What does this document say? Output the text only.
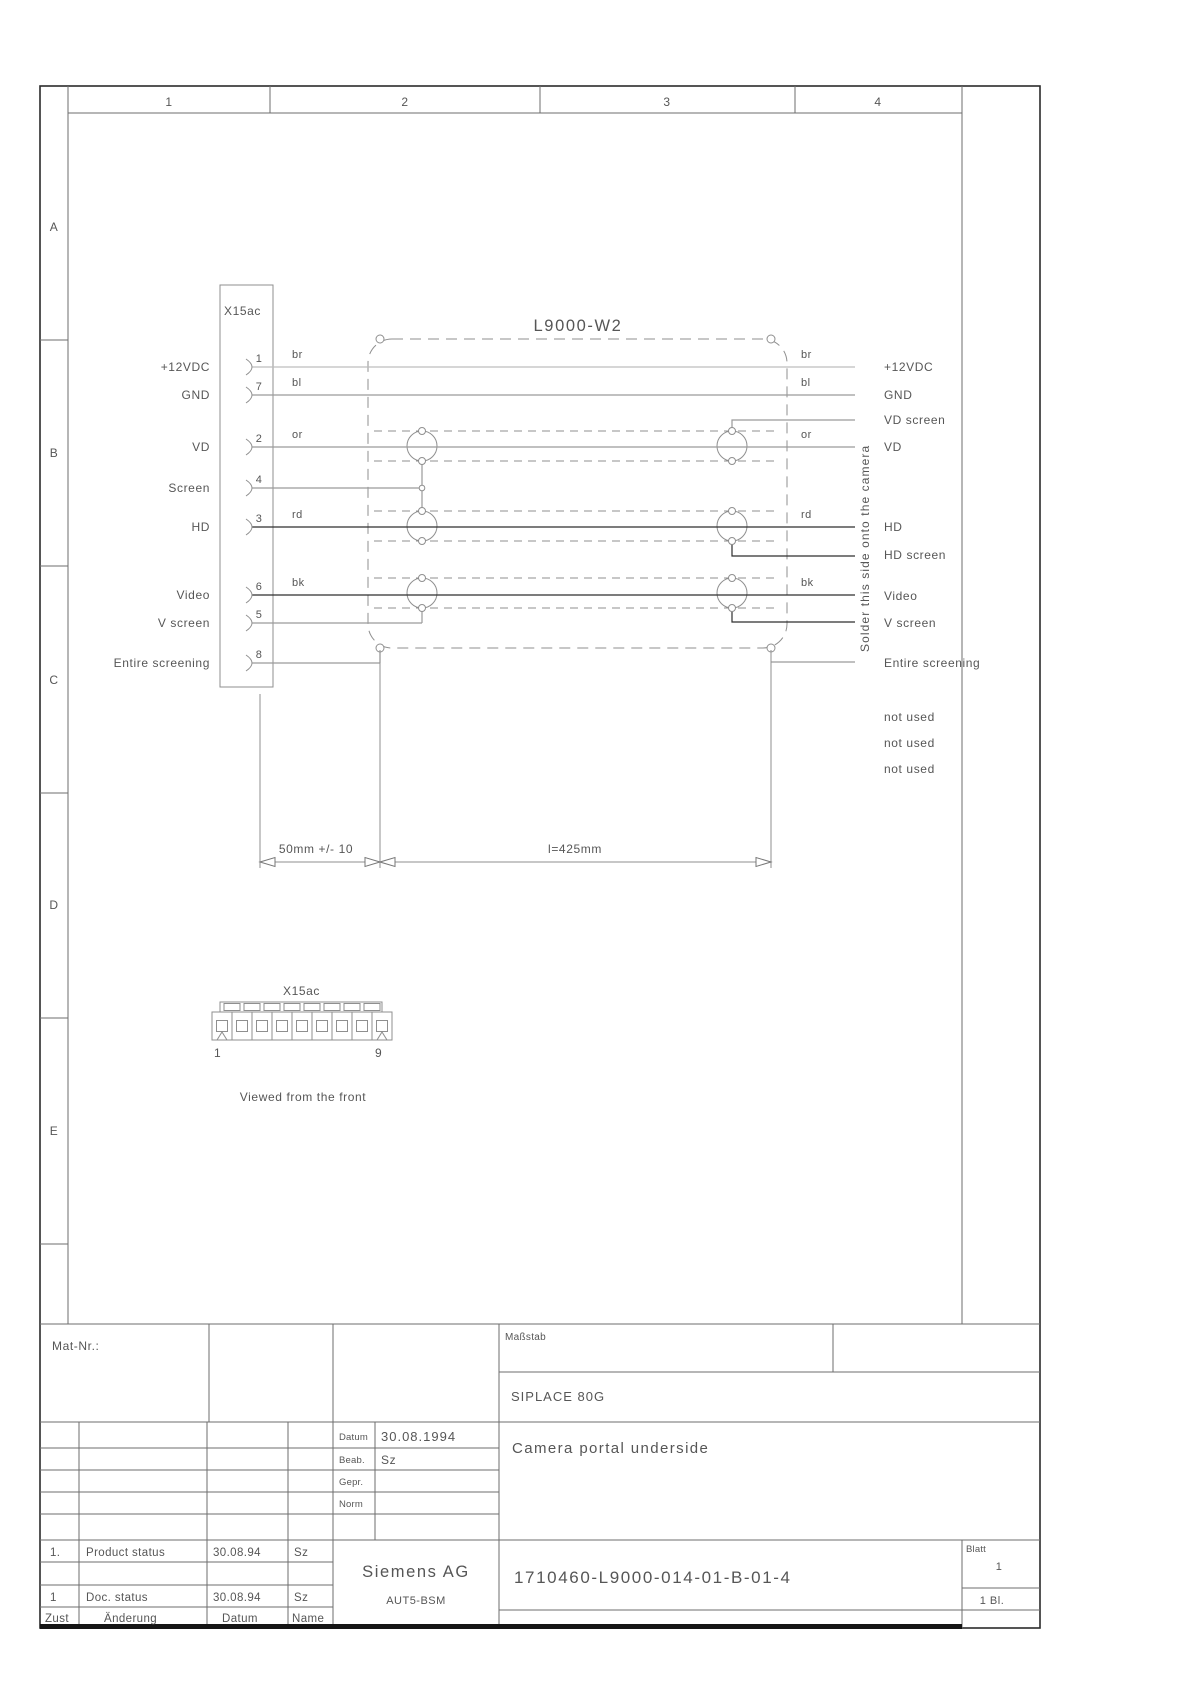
1	2	3	4
A
B
C
D
E
X15ac
L9000-W2
+12VDC
GND
VD
Screen
HD
Video
V screen
Entire screening
1
7
2
4
3
6
5
8
br
bl
or
rd
bk
br
bl
or
rd
bk
+12VDC
GND
VD screen
VD
HD
HD screen
Video
V screen
Entire screening
not used
not used
not used
Solder this side onto the camera
50mm +/- 10	l=425mm
X15ac
1	9
Viewed from the front
Mat-Nr.:
Maßstab
SIPLACE 80G
Camera portal underside
Datum 30.08.1994
Beab. Sz
Gepr.
Norm
1. Product status	30.08.94	Sz
1	Doc. status	30.08.94	Sz
Zust	Änderung	Datum	Name
Siemens AG
AUT5-BSM
1710460-L9000-014-01-B-01-4
Blatt
1
1 Bl.
